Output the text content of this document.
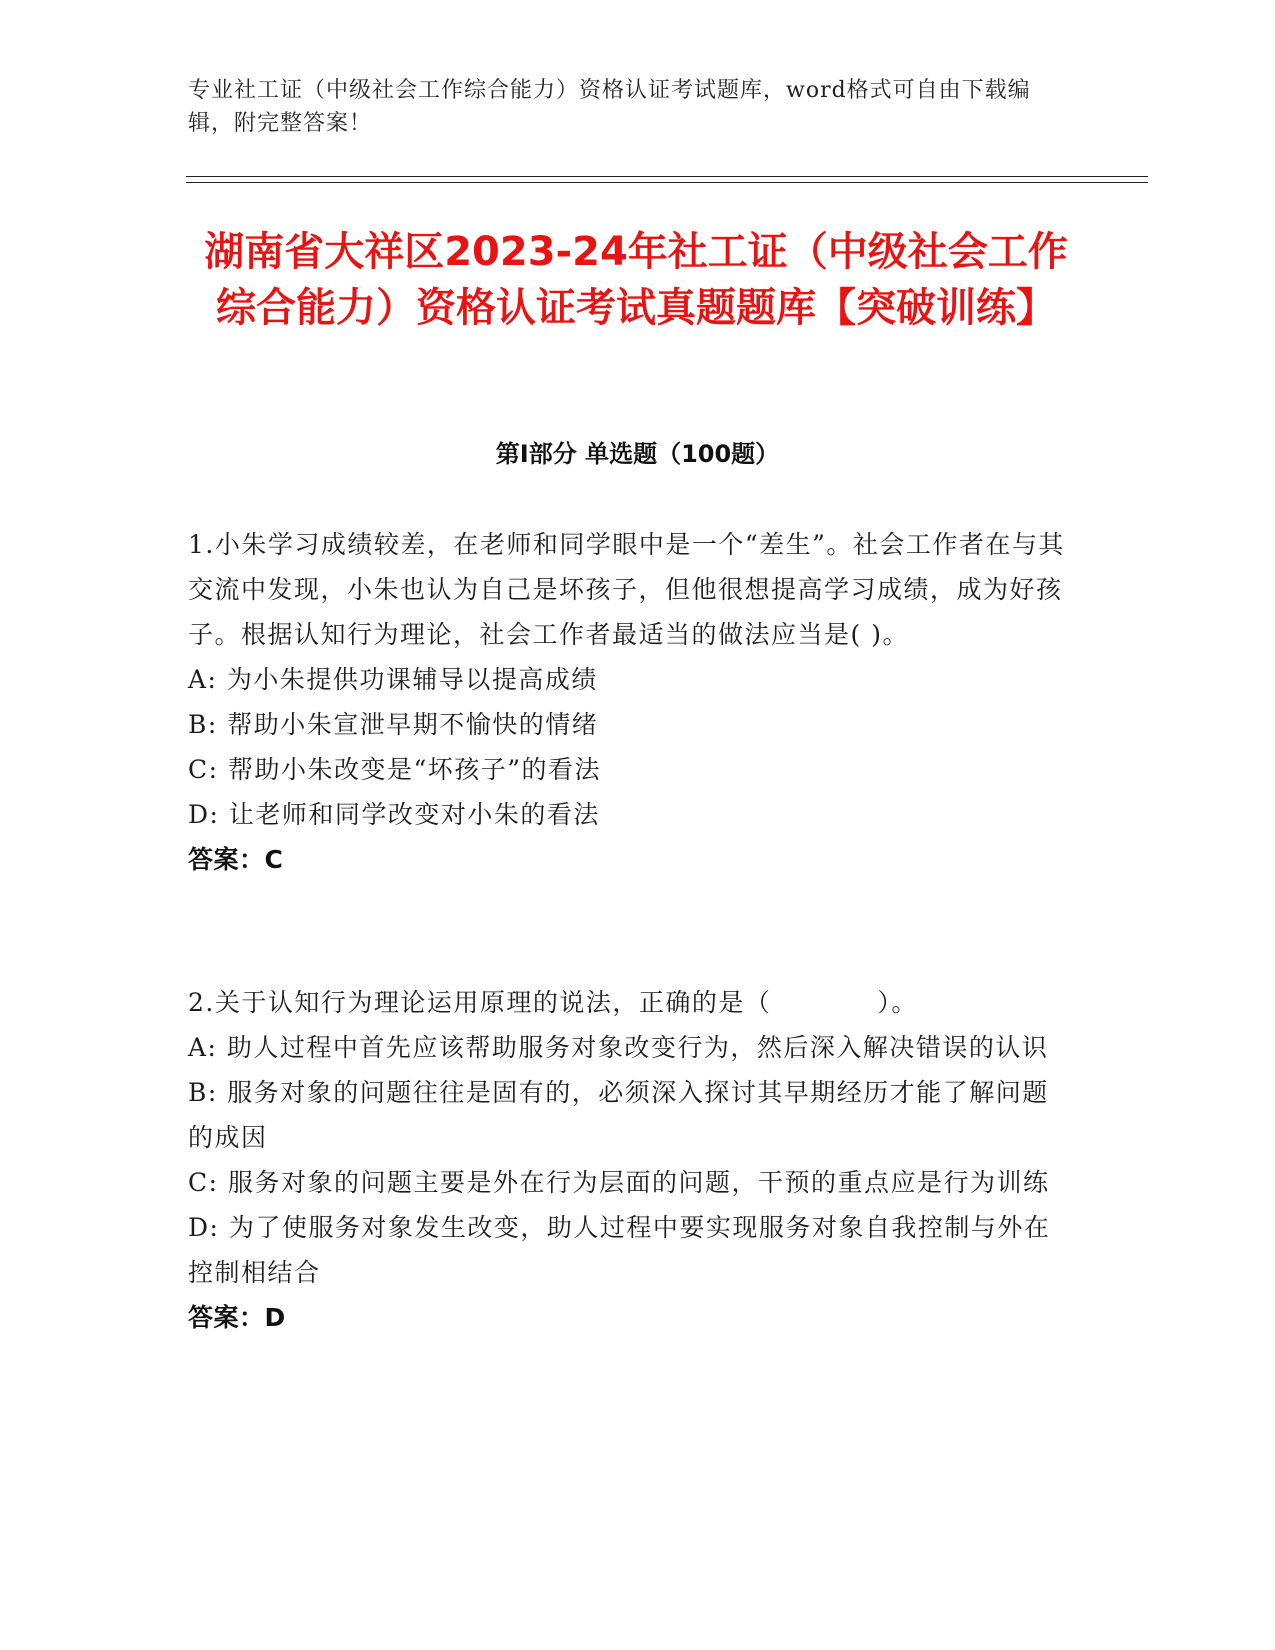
专业社工证（中级社会工作综合能力）资格认证考试题库，word格式可自由下载编辑，附完整答案！
湖南省大祥区2023-24年社工证（中级社会工作综合能力）资格认证考试真题题库【突破训练】
第Ⅰ部分 单选题（100题）

1.小朱学习成绩较差，在老师和同学眼中是一个“差生”。社会工作者在与其交流中发现，小朱也认为自己是坏孩子，但他很想提高学习成绩，成为好孩子。根据认知行为理论，社会工作者最适当的做法应当是( )。

A: 为小朱提供功课辅导以提高成绩

B: 帮助小朱宣泄早期不愉快的情绪

C: 帮助小朱改变是“坏孩子”的看法

D: 让老师和同学改变对小朱的看法

答案：C

2.关于认知行为理论运用原理的说法，正确的是（　　　　）。

A: 助人过程中首先应该帮助服务对象改变行为，然后深入解决错误的认识

B: 服务对象的问题往往是固有的，必须深入探讨其早期经历才能了解问题的成因

C: 服务对象的问题主要是外在行为层面的问题，干预的重点应是行为训练

D: 为了使服务对象发生改变，助人过程中要实现服务对象自我控制与外在控制相结合

答案：D
